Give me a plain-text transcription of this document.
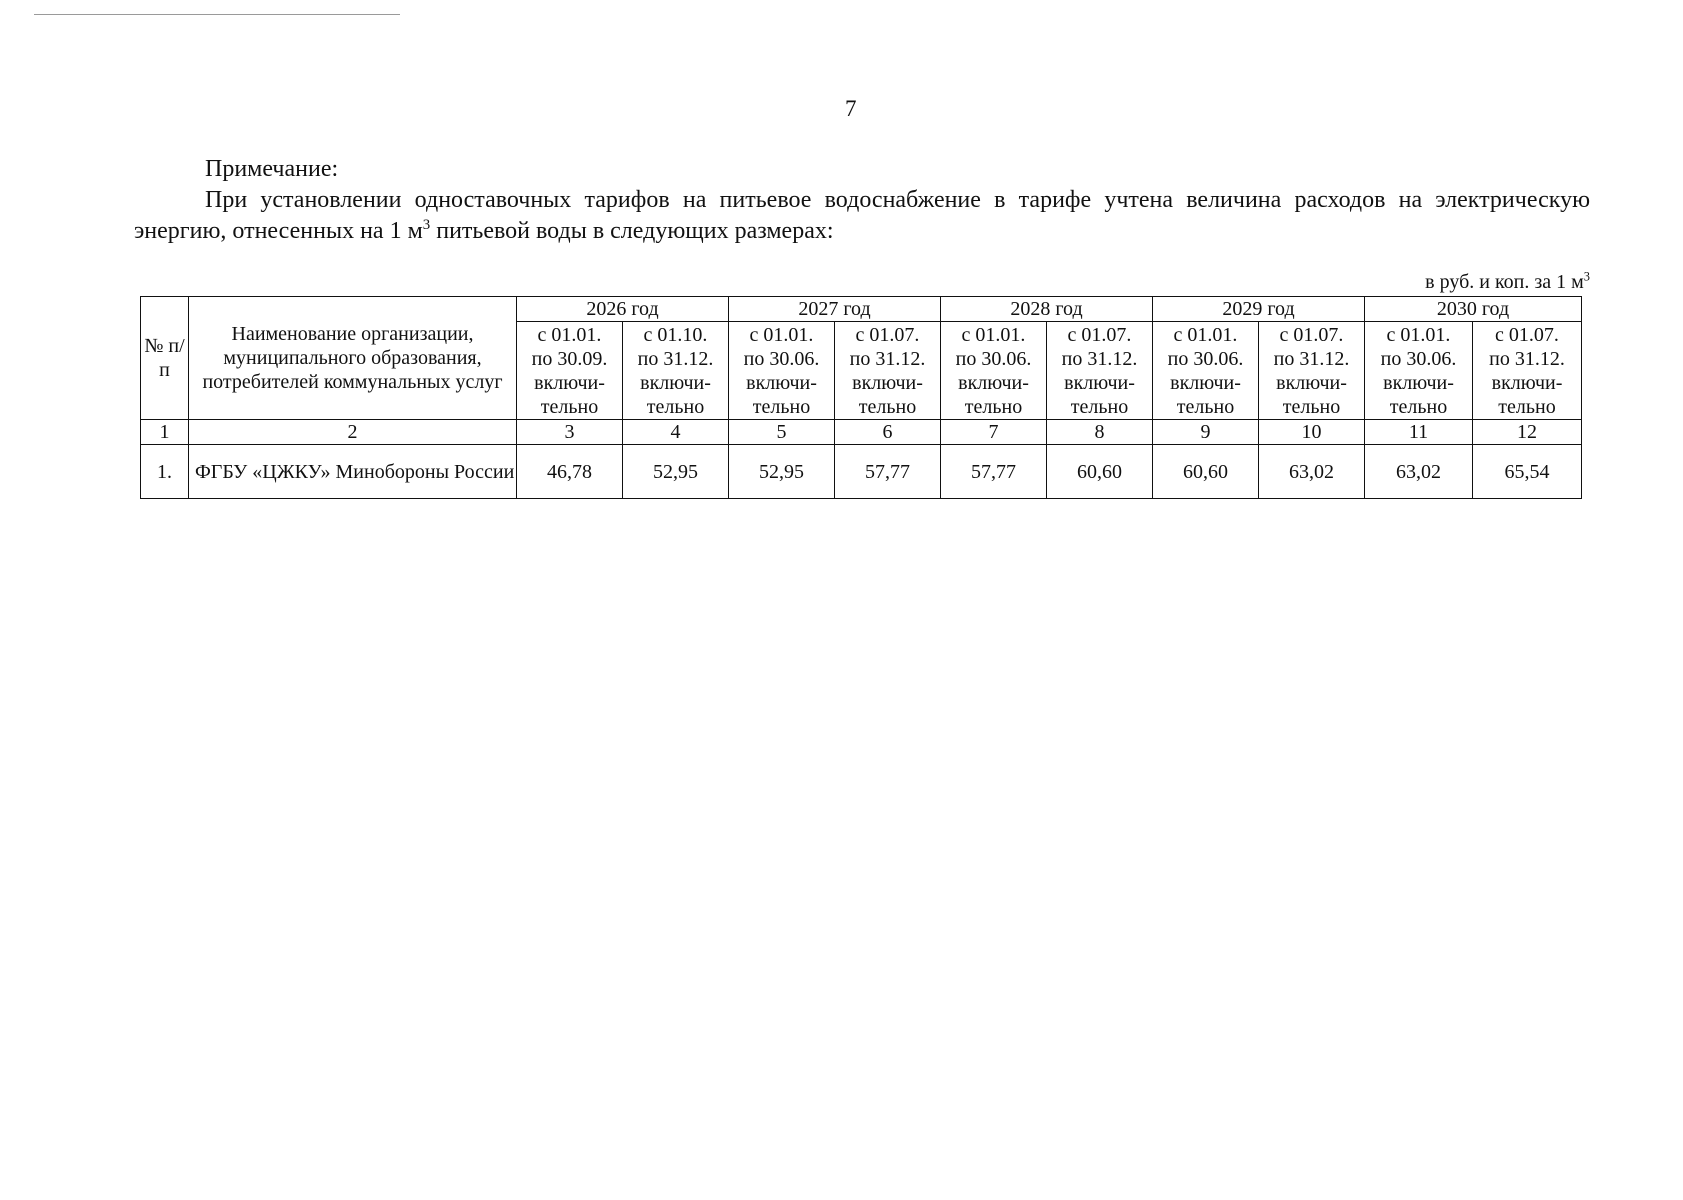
7
Примечание:
При установлении одноставочных тарифов на питьевое водоснабжение в тарифе учтена величина расходов на электрическую энергию, отнесенных на 1 $м^3$ питьевой воды в следующих размерах:
в руб. и коп. за 1 $м^3$
№ п/п	Наименование организации, муниципального образования, потребителей коммунальных услуг	2026 год		2027 год		2028 год		2029 год		2030 год	

		с 01.01.
по 30.09.
включи-
тельно	с 01.10.
по 31.12.
включи-
тельно	с 01.01.
по 30.06.
включи-
тельно	с 01.07.
по 31.12.
включи-
тельно	с 01.01.
по 30.06.
включи-
тельно	с 01.07.
по 31.12.
включи-
тельно	с 01.01.
по 30.06.
включи-
тельно	с 01.07.
по 31.12.
включи-
тельно	с 01.01.
по 30.06.
включи-
тельно	с 01.07.
по 31.12.
включи-
тельно

1	2	3	4	5	6	7	8	9	10	11	12
1.	ФГБУ «ЦЖКУ» Минобороны России	46,78	52,95	52,95	57,77	57,77	60,60	60,60	63,02	63,02	65,54
